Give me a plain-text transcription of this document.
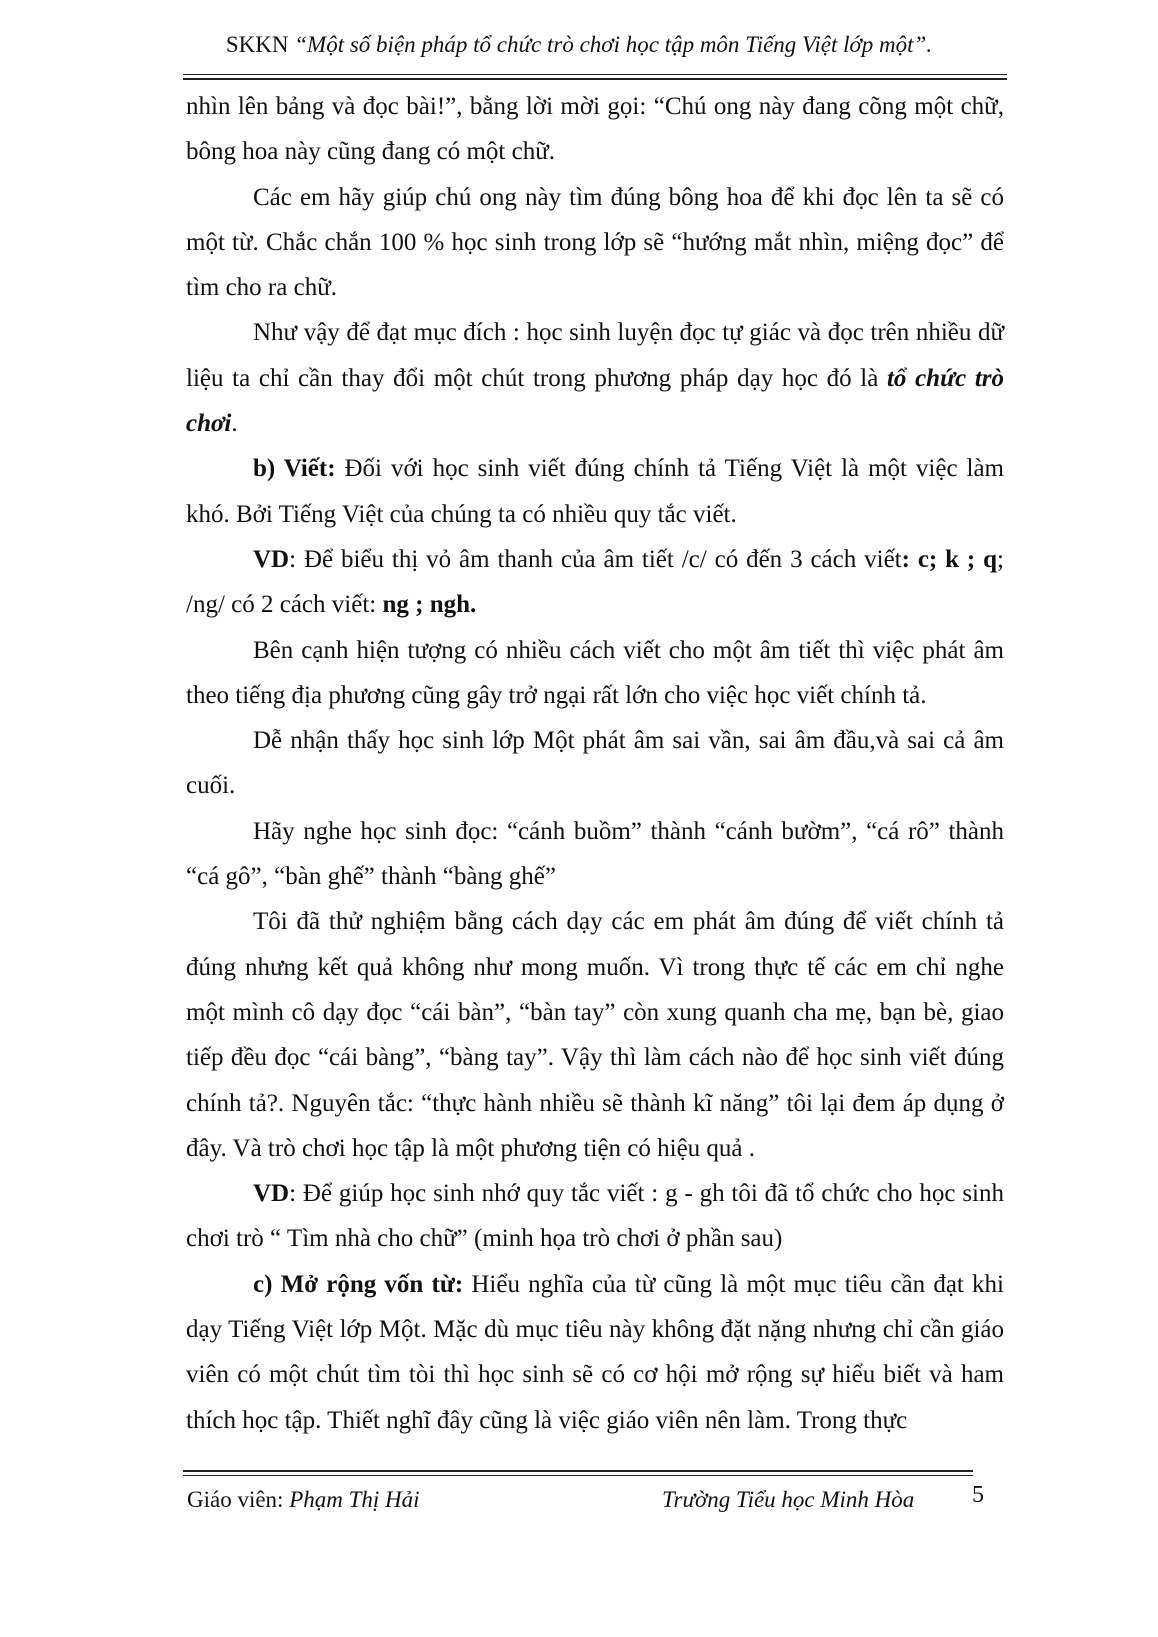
SKKN “Một số biện pháp tổ chức trò chơi học tập môn Tiếng Việt lớp một”.

nhìn lên bảng và đọc bài!”, bằng lời mời gọi: “Chú ong này đang cõng một chữ, bông hoa này cũng đang có một chữ.

Các em hãy giúp chú ong này tìm đúng bông hoa để khi đọc lên ta sẽ có một từ. Chắc chắn 100 % học sinh trong lớp sẽ “hướng mắt nhìn, miệng đọc” để tìm cho ra chữ.

Như vậy để đạt mục đích : học sinh luyện đọc tự giác và đọc trên nhiều dữ liệu ta chỉ cần thay đổi một chút trong phương pháp dạy học đó là tổ chức trò chơi.

b) Viết: Đối với học sinh viết đúng chính tả Tiếng Việt là một việc làm khó. Bởi Tiếng Việt của chúng ta có nhiều quy tắc viết.

VD: Để biểu thị vỏ âm thanh của âm tiết /c/ có đến 3 cách viết: c; k ; q; /ng/ có 2 cách viết: ng ; ngh.

Bên cạnh hiện tượng có nhiều cách viết cho một âm tiết thì việc phát âm theo tiếng địa phương cũng gây trở ngại rất lớn cho việc học viết chính tả.

Dễ nhận thấy học sinh lớp Một phát âm sai vần, sai âm đầu,và sai cả âm cuối.

Hãy nghe học sinh đọc: “cánh buồm” thành “cánh bườm”, “cá rô” thành “cá gô”, “bàn ghế” thành “bàng ghế”

Tôi đã thử nghiệm bằng cách dạy các em phát âm đúng để viết chính tả đúng nhưng kết quả không như mong muốn. Vì trong thực tế các em chỉ nghe một mình cô dạy đọc “cái bàn”, “bàn tay” còn xung quanh cha mẹ, bạn bè, giao tiếp đều đọc “cái bàng”, “bàng tay”. Vậy thì làm cách nào để học sinh viết đúng chính tả?. Nguyên tắc: “thực hành nhiều sẽ thành kĩ năng” tôi lại đem áp dụng ở đây. Và trò chơi học tập là một phương tiện có hiệu quả .

VD: Để giúp học sinh nhớ quy tắc viết : g - gh tôi đã tổ chức cho học sinh chơi trò “ Tìm nhà cho chữ” (minh họa trò chơi ở phần sau)

c) Mở rộng vốn từ: Hiểu nghĩa của từ cũng là một mục tiêu cần đạt khi dạy Tiếng Việt lớp Một. Mặc dù mục tiêu này không đặt nặng nhưng chỉ cần giáo viên có một chút tìm tòi thì học sinh sẽ có cơ hội mở rộng sự hiểu biết và ham thích học tập. Thiết nghĩ đây cũng là việc giáo viên nên làm. Trong thực

Giáo viên: Phạm Thị Hải	Trường Tiểu học Minh Hòa 5
